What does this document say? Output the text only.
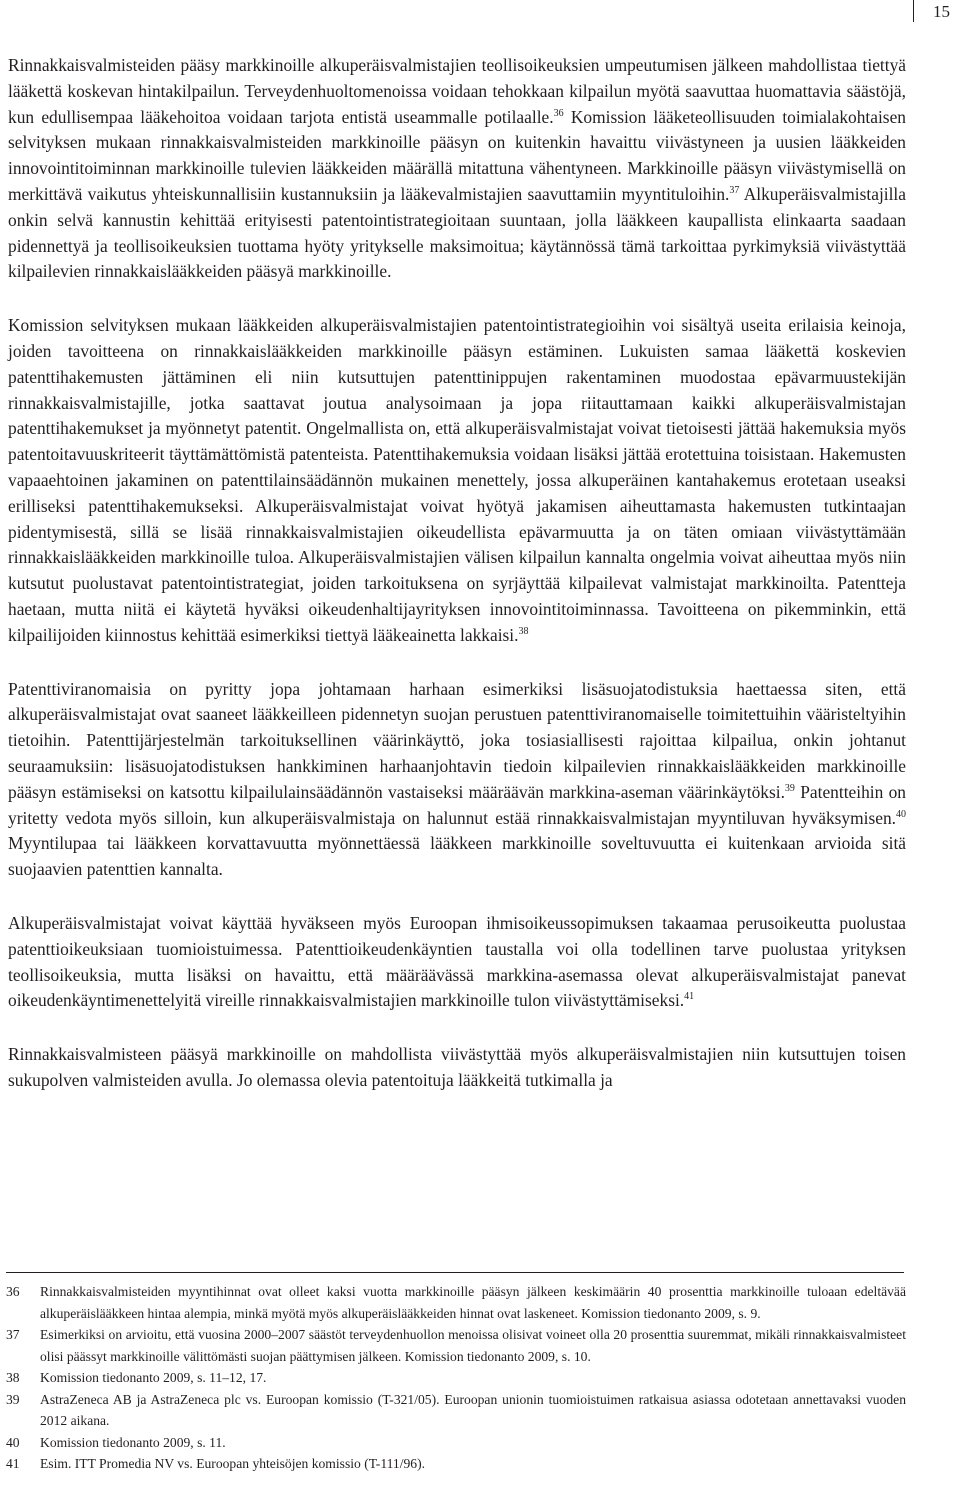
15

Rinnakkaisvalmisteiden pääsy markkinoille alkuperäisvalmistajien teollisoikeuksien umpeutumisen jälkeen mahdollistaa tiettyä lääkettä koskevan hintakilpailun. Terveydenhuoltomenoissa voidaan tehokkaan kilpailun myötä saavuttaa huomattavia säästöjä, kun edullisempaa lääkehoitoa voidaan tarjota entistä useammalle potilaalle.$^{36}$ Komission lääketeollisuuden toimialakohtaisen selvityksen mukaan rinnakkaisvalmisteiden markkinoille pääsyn on kuitenkin havaittu viivästyneen ja uusien lääkkeiden innovointitoiminnan markkinoille tulevien lääkkeiden määrällä mitattuna vähentyneen. Markkinoille pääsyn viivästymisellä on merkittävä vaikutus yhteiskunnallisiin kustannuksiin ja lääkevalmistajien saavuttamiin myyntituloihin.$^{37}$ Alkuperäisvalmistajilla onkin selvä kannustin kehittää erityisesti patentointistrategioitaan suuntaan, jolla lääkkeen kaupallista elinkaarta saadaan pidennettyä ja teollisoikeuksien tuottama hyöty yritykselle maksimoitua; käytännössä tämä tarkoittaa pyrkimyksiä viivästyttää kilpailevien rinnakkaislääkkeiden pääsyä markkinoille.

Komission selvityksen mukaan lääkkeiden alkuperäisvalmistajien patentointistrategioihin voi sisältyä useita erilaisia keinoja, joiden tavoitteena on rinnakkaislääkkeiden markkinoille pääsyn estäminen. Lukuisten samaa lääkettä koskevien patenttihakemusten jättäminen eli niin kutsuttujen patenttinippujen rakentaminen muodostaa epävarmuustekijän rinnakkaisvalmistajille, jotka saattavat joutua analysoimaan ja jopa riitauttamaan kaikki alkuperäisvalmistajan patenttihakemukset ja myönnetyt patentit. Ongelmallista on, että alkuperäisvalmistajat voivat tietoisesti jättää hakemuksia myös patentoitavuuskriteerit täyttämättömistä patenteista. Patenttihakemuksia voidaan lisäksi jättää erotettuina toisistaan. Hakemusten vapaaehtoinen jakaminen on patenttilainsäädännön mukainen menettely, jossa alkuperäinen kantahakemus erotetaan useaksi erilliseksi patenttihakemukseksi. Alkuperäisvalmistajat voivat hyötyä jakamisen aiheuttamasta hakemusten tutkintaajan pidentymisestä, sillä se lisää rinnakkaisvalmistajien oikeudellista epävarmuutta ja on täten omiaan viivästyttämään rinnakkaislääkkeiden markkinoille tuloa. Alkuperäisvalmistajien välisen kilpailun kannalta ongelmia voivat aiheuttaa myös niin kutsutut puolustavat patentointistrategiat, joiden tarkoituksena on syrjäyttää kilpailevat valmistajat markkinoilta. Patentteja haetaan, mutta niitä ei käytetä hyväksi oikeudenhaltijayrityksen innovointitoiminnassa. Tavoitteena on pikemminkin, että kilpailijoiden kiinnostus kehittää esimerkiksi tiettyä lääkeainetta lakkaisi.$^{38}$

Patenttiviranomaisia on pyritty jopa johtamaan harhaan esimerkiksi lisäsuojatodistuksia haettaessa siten, että alkuperäisvalmistajat ovat saaneet lääkkeilleen pidennetyn suojan perustuen patenttiviranomaiselle toimitettuihin vääristeltyihin tietoihin. Patenttijärjestelmän tarkoituksellinen väärinkäyttö, joka tosiasiallisesti rajoittaa kilpailua, onkin johtanut seuraamuksiin: lisäsuojatodistuksen hankkiminen harhaanjohtavin tiedoin kilpailevien rinnakkaislääkkeiden markkinoille pääsyn estämiseksi on katsottu kilpailulainsäädännön vastaiseksi määräävän markkina-aseman väärinkäytöksi.$^{39}$ Patentteihin on yritetty vedota myös silloin, kun alkuperäisvalmistaja on halunnut estää rinnakkaisvalmistajan myyntiluvan hyväksymisen.$^{40}$ Myyntilupaa tai lääkkeen korvattavuutta myönnettäessä lääkkeen markkinoille soveltuvuutta ei kuitenkaan arvioida sitä suojaavien patenttien kannalta.

Alkuperäisvalmistajat voivat käyttää hyväkseen myös Euroopan ihmisoikeussopimuksen takaamaa perusoikeutta puolustaa patenttioikeuksiaan tuomioistuimessa. Patenttioikeudenkäyntien taustalla voi olla todellinen tarve puolustaa yrityksen teollisoikeuksia, mutta lisäksi on havaittu, että määräävässä markkina-asemassa olevat alkuperäisvalmistajat panevat oikeudenkäyntimenettelyitä vireille rinnakkaisvalmistajien markkinoille tulon viivästyttämiseksi.$^{41}$

Rinnakkaisvalmisteen pääsyä markkinoille on mahdollista viivästyttää myös alkuperäisvalmistajien niin kutsuttujen toisen sukupolven valmisteiden avulla. Jo olemassa olevia patentoituja lääkkeitä tutkimalla ja

36	Rinnakkaisvalmisteiden myyntihinnat ovat olleet kaksi vuotta markkinoille pääsyn jälkeen keskimäärin 40 prosenttia markkinoille tuloaan edeltävää alkuperäislääkkeen hintaa alempia, minkä myötä myös alkuperäislääkkeiden hinnat ovat laskeneet. Komission tiedonanto 2009, s. 9.
37	Esimerkiksi on arvioitu, että vuosina 2000–2007 säästöt terveydenhuollon menoissa olisivat voineet olla 20 prosenttia suuremmat, mikäli rinnakkaisvalmisteet olisi päässyt markkinoille välittömästi suojan päättymisen jälkeen. Komission tiedonanto 2009, s. 10.
38	Komission tiedonanto 2009, s. 11–12, 17.
39	AstraZeneca AB ja AstraZeneca plc vs. Euroopan komissio (T-321/05). Euroopan unionin tuomioistuimen ratkaisua asiassa odotetaan annettavaksi vuoden 2012 aikana.
40	Komission tiedonanto 2009, s. 11.
41	Esim. ITT Promedia NV vs. Euroopan yhteisöjen komissio (T-111/96).
